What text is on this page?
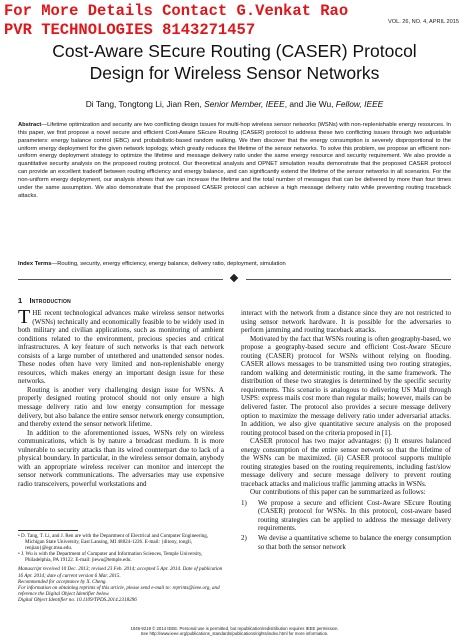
For More Details Contact G.Venkat Rao
PVR TECHNOLOGIES 8143271457	VOL. 26, NO. 4, APRIL 2015
Cost-Aware SEcure Routing (CASER) Protocol
Design for Wireless Sensor Networks
Di Tang, Tongtong Li, Jian Ren, Senior Member, IEEE, and Jie Wu, Fellow, IEEE
Abstract—Lifetime optimization and security are two conflicting design issues for multi-hop wireless sensor networks (WSNs) with non-replenishable energy resources. In this paper, we first propose a novel secure and efficient Cost-Aware SEcure Routing (CASER) protocol to address these two conflicting issues through two adjustable parameters: energy balance control (EBC) and probabilistic-based random walking. We then discover that the energy consumption is severely disproportional to the uniform energy deployment for the given network topology, which greatly reduces the lifetime of the sensor networks. To solve this problem, we propose an efficient non-uniform energy deployment strategy to optimize the lifetime and message delivery ratio under the same energy resource and security requirement. We also provide a quantitative security analysis on the proposed routing protocol. Our theoretical analysis and OPNET simulation results demonstrate that the proposed CASER protocol can provide an excellent tradeoff between routing efficiency and energy balance, and can significantly extend the lifetime of the sensor networks in all scenarios. For the non-uniform energy deployment, our analysis shows that we can increase the lifetime and the total number of messages that can be delivered by more than four times under the same assumption. We also demonstrate that the proposed CASER protocol can achieve a high message delivery ratio while preventing routing traceback attacks.
Index Terms—Routing, security, energy efficiency, energy balance, delivery ratio, deployment, simulation
1 Introduction

THE recent technological advances make wireless sensor networks (WSNs) technically and economically feasible to be widely used in both military and civilian applications, such as monitoring of ambient conditions related to the environment, precious species and critical infrastructures. A key feature of such networks is that each network consists of a large number of untethered and unattended sensor nodes. These nodes often have very limited and non-replenishable energy resources, which makes energy an important design issue for these networks.

Routing is another very challenging design issue for WSNs. A properly designed routing protocol should not only ensure a high message delivery ratio and low energy consumption for message delivery, but also balance the entire sensor network energy consumption, and thereby extend the sensor network lifetime.

In addition to the aforementioned issues, WSNs rely on wireless communications, which is by nature a broadcast medium. It is more vulnerable to security attacks than its wired counterpart due to lack of a physical boundary. In particular, in the wireless sensor domain, anybody with an appropriate wireless receiver can monitor and intercept the sensor network communications. The adversaries may use expensive radio transceivers, powerful workstations and

• D. Tang, T. Li, and J. Ren are with the Department of Electrical and Computer Engineering, Michigan State University, East Lansing, MI 48824-1226. E-mail: {ditony, tongli, renjian}@egr.msu.edu.
• J. Wu is with the Department of Computer and Information Sciences, Temple University, Philadelphia, PA 19122. E-mail: jiewu@temple.edu.
Manuscript received 10 Dec. 2013; revised 23 Feb. 2014; accepted 5 Apr. 2014. Date of publication 16 Apr. 2014; date of current version 6 Mar. 2015.
Recommended for acceptance by X. Cheng.
For information on obtaining reprints of this article, please send e-mail to: reprints@ieee.org, and reference the Digital Object Identifier below.
Digital Object Identifier no. 10.1109/TPDS.2014.2318296

interact with the network from a distance since they are not restricted to using sensor network hardware. It is possible for the adversaries to perform jamming and routing traceback attacks.

Motivated by the fact that WSNs routing is often geography-based, we propose a geography-based secure and efficient Cost-Aware SEcure routing (CASER) protocol for WSNs without relying on flooding. CASER allows messages to be transmitted using two routing strategies, random walking and deterministic routing, in the same framework. The distribution of these two strategies is determined by the specific security requirements. This scenario is analogous to delivering US Mail through USPS: express mails cost more than regular mails; however, mails can be delivered faster. The protocol also provides a secure message delivery option to maximize the message delivery ratio under adversarial attacks. In addition, we also give quantitative secure analysis on the proposed routing protocol based on the criteria proposed in [1].

CASER protocol has two major advantages: (i) It ensures balanced energy consumption of the entire sensor network so that the lifetime of the WSNs can be maximized. (ii) CASER protocol supports multiple routing strategies based on the routing requirements, including fast/slow message delivery and secure message delivery to prevent routing traceback attacks and malicious traffic jamming attacks in WSNs.

Our contributions of this paper can be summarized as follows:

1) We propose a secure and efficient Cost-Aware SEcure Routing (CASER) protocol for WSNs. In this protocol, cost-aware based routing strategies can be applied to address the message delivery requirements.
2) We devise a quantitative scheme to balance the energy consumption so that both the sensor network
1045-9219 © 2014 IEEE. Personal use is permitted, but republication/redistribution requires IEEE permission.
See http://www.ieee.org/publications_standards/publications/rights/index.html for more information.
